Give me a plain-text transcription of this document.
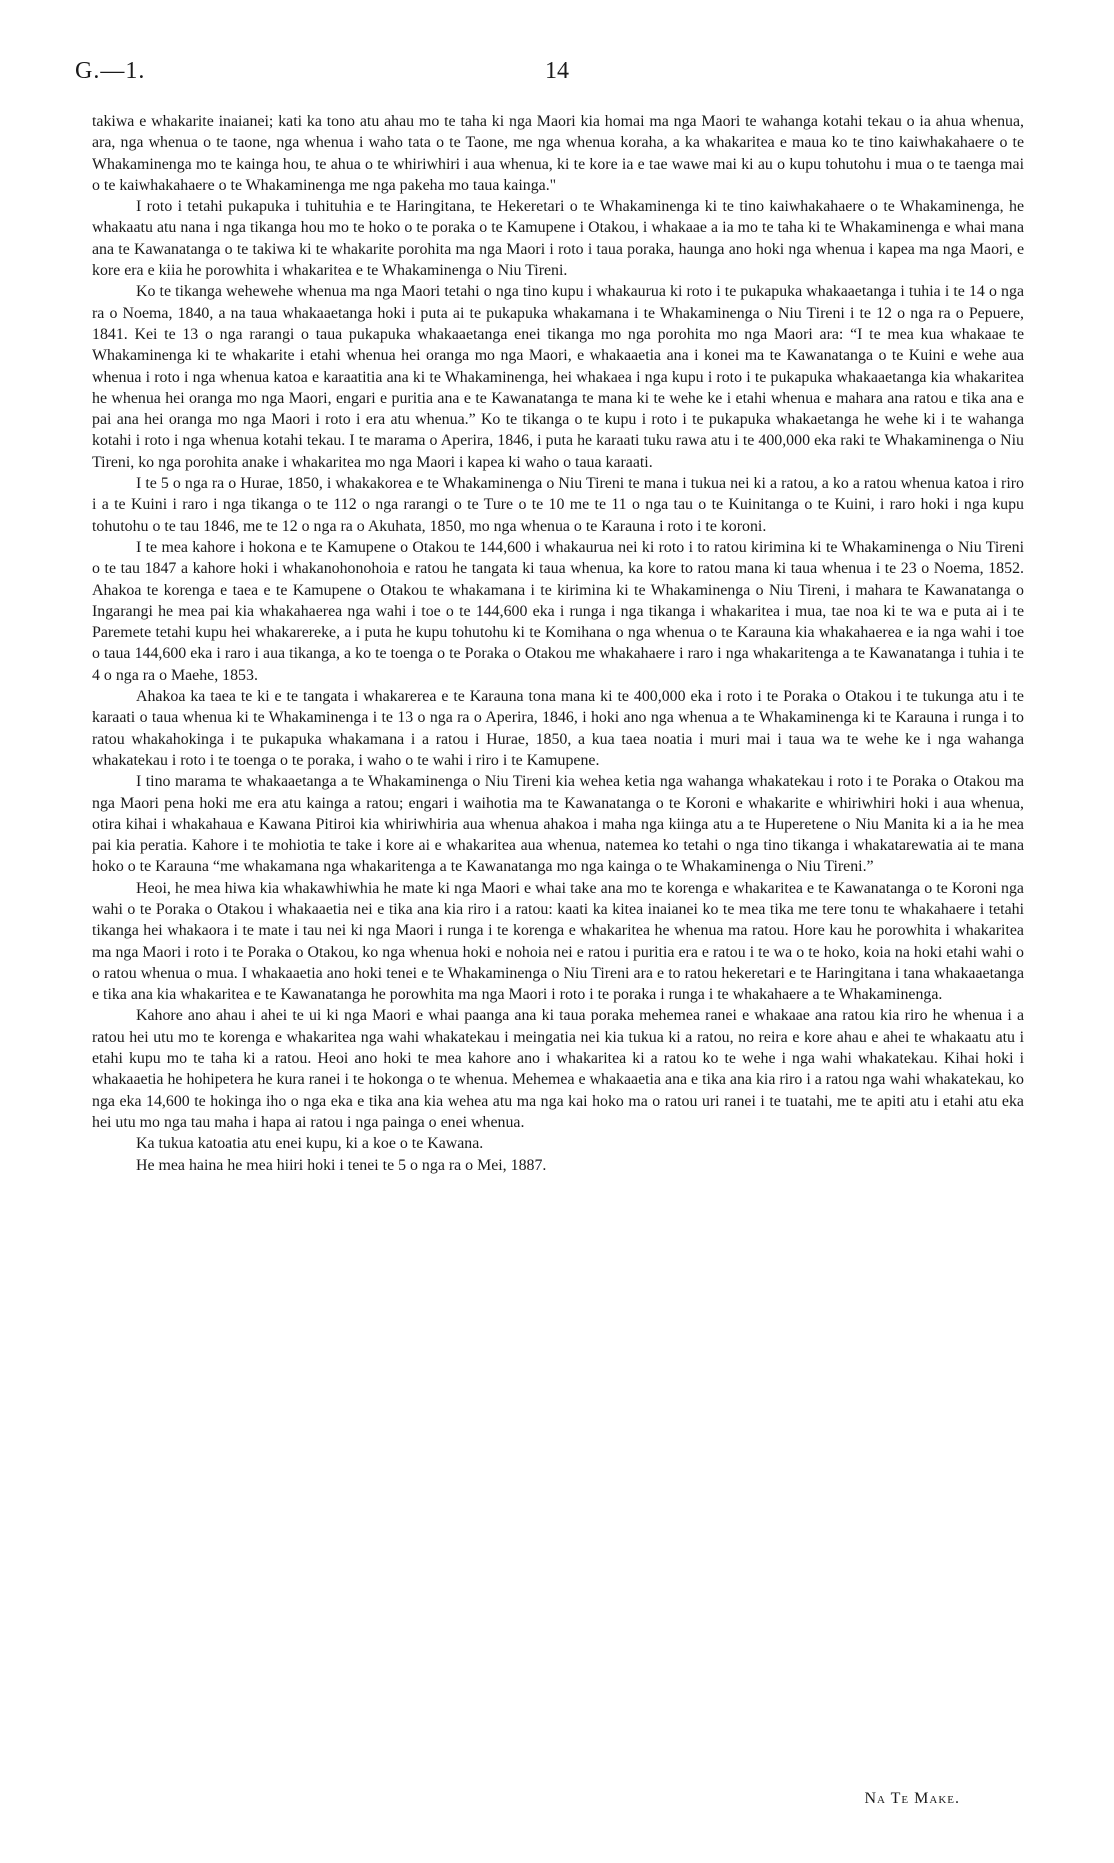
G.—1.	14

takiwa e whakarite inaianei; kati ka tono atu ahau mo te taha ki nga Maori kia homai ma nga Maori te wahanga kotahi tekau o ia ahua whenua, ara, nga whenua o te taone, nga whenua i waho tata o te Taone, me nga whenua koraha, a ka whakaritea e maua ko te tino kaiwhakahaere o te Whakaminenga mo te kainga hou, te ahua o te whiriwhiri i aua whenua, ki te kore ia e tae wawe mai ki au o kupu tohutohu i mua o te taenga mai o te kaiwhakahaere o te Whakaminenga me nga pakeha mo taua kainga."

I roto i tetahi pukapuka i tuhituhia e te Haringitana, te Hekeretari o te Whakaminenga ki te tino kaiwhakahaere o te Whakaminenga, he whakaatu atu nana i nga tikanga hou mo te hoko o te poraka o te Kamupene i Otakou, i whakaae a ia mo te taha ki te Whakaminenga e whai mana ana te Kawanatanga o te takiwa ki te whakarite porohita ma nga Maori i roto i taua poraka, haunga ano hoki nga whenua i kapea ma nga Maori, e kore era e kiia he porowhita i whakaritea e te Whakaminenga o Niu Tireni.

Ko te tikanga wehewehe whenua ma nga Maori tetahi o nga tino kupu i whakaurua ki roto i te pukapuka whakaaetanga i tuhia i te 14 o nga ra o Noema, 1840, a na taua whakaaetanga hoki i puta ai te pukapuka whakamana i te Whakaminenga o Niu Tireni i te 12 o nga ra o Pepuere, 1841. Kei te 13 o nga rarangi o taua pukapuka whakaaetanga enei tikanga mo nga porohita mo nga Maori ara: “I te mea kua whakaae te Whakaminenga ki te whakarite i etahi whenua hei oranga mo nga Maori, e whakaaetia ana i konei ma te Kawanatanga o te Kuini e wehe aua whenua i roto i nga whenua katoa e karaatitia ana ki te Whakaminenga, hei whakaea i nga kupu i roto i te pukapuka whakaaetanga kia whakaritea he whenua hei oranga mo nga Maori, engari e puritia ana e te Kawanatanga te mana ki te wehe ke i etahi whenua e mahara ana ratou e tika ana e pai ana hei oranga mo nga Maori i roto i era atu whenua.” Ko te tikanga o te kupu i roto i te pukapuka whakaetanga he wehe ki i te wahanga kotahi i roto i nga whenua kotahi tekau. I te marama o Aperira, 1846, i puta he karaati tuku rawa atu i te 400,000 eka raki te Whakaminenga o Niu Tireni, ko nga porohita anake i whakaritea mo nga Maori i kapea ki waho o taua karaati.

I te 5 o nga ra o Hurae, 1850, i whakakorea e te Whakaminenga o Niu Tireni te mana i tukua nei ki a ratou, a ko a ratou whenua katoa i riro i a te Kuini i raro i nga tikanga o te 112 o nga rarangi o te Ture o te 10 me te 11 o nga tau o te Kuinitanga o te Kuini, i raro hoki i nga kupu tohutohu o te tau 1846, me te 12 o nga ra o Akuhata, 1850, mo nga whenua o te Karauna i roto i te koroni.

I te mea kahore i hokona e te Kamupene o Otakou te 144,600 i whakaurua nei ki roto i to ratou kirimina ki te Whakaminenga o Niu Tireni o te tau 1847 a kahore hoki i whakanohonohoia e ratou he tangata ki taua whenua, ka kore to ratou mana ki taua whenua i te 23 o Noema, 1852. Ahakoa te korenga e taea e te Kamupene o Otakou te whakamana i te kirimina ki te Whakaminenga o Niu Tireni, i mahara te Kawanatanga o Ingarangi he mea pai kia whakahaerea nga wahi i toe o te 144,600 eka i runga i nga tikanga i whakaritea i mua, tae noa ki te wa e puta ai i te Paremete tetahi kupu hei whakarereke, a i puta he kupu tohutohu ki te Komihana o nga whenua o te Karauna kia whakahaerea e ia nga wahi i toe o taua 144,600 eka i raro i aua tikanga, a ko te toenga o te Poraka o Otakou me whakahaere i raro i nga whakaritenga a te Kawanatanga i tuhia i te 4 o nga ra o Maehe, 1853.

Ahakoa ka taea te ki e te tangata i whakarerea e te Karauna tona mana ki te 400,000 eka i roto i te Poraka o Otakou i te tukunga atu i te karaati o taua whenua ki te Whakaminenga i te 13 o nga ra o Aperira, 1846, i hoki ano nga whenua a te Whakaminenga ki te Karauna i runga i to ratou whakahokinga i te pukapuka whakamana i a ratou i Hurae, 1850, a kua taea noatia i muri mai i taua wa te wehe ke i nga wahanga whakatekau i roto i te toenga o te poraka, i waho o te wahi i riro i te Kamupene.

I tino marama te whakaaetanga a te Whakaminenga o Niu Tireni kia wehea ketia nga wahanga whakatekau i roto i te Poraka o Otakou ma nga Maori pena hoki me era atu kainga a ratou; engari i waihotia ma te Kawanatanga o te Koroni e whakarite e whiriwhiri hoki i aua whenua, otira kihai i whakahaua e Kawana Pitiroi kia whiriwhiria aua whenua ahakoa i maha nga kiinga atu a te Huperetene o Niu Manita ki a ia he mea pai kia peratia. Kahore i te mohiotia te take i kore ai e whakaritea aua whenua, natemea ko tetahi o nga tino tikanga i whakatarewatia ai te mana hoko o te Karauna “me whakamana nga whakaritenga a te Kawanatanga mo nga kainga o te Whakaminenga o Niu Tireni.”

Heoi, he mea hiwa kia whakawhiwhia he mate ki nga Maori e whai take ana mo te korenga e whakaritea e te Kawanatanga o te Koroni nga wahi o te Poraka o Otakou i whakaaetia nei e tika ana kia riro i a ratou: kaati ka kitea inaianei ko te mea tika me tere tonu te whakahaere i tetahi tikanga hei whakaora i te mate i tau nei ki nga Maori i runga i te korenga e whakaritea he whenua ma ratou. Hore kau he porowhita i whakaritea ma nga Maori i roto i te Poraka o Otakou, ko nga whenua hoki e nohoia nei e ratou i puritia era e ratou i te wa o te hoko, koia na hoki etahi wahi o o ratou whenua o mua. I whakaaetia ano hoki tenei e te Whakaminenga o Niu Tireni ara e to ratou hekeretari e te Haringitana i tana whakaaetanga e tika ana kia whakaritea e te Kawanatanga he porowhita ma nga Maori i roto i te poraka i runga i te whakahaere a te Whakaminenga.

Kahore ano ahau i ahei te ui ki nga Maori e whai paanga ana ki taua poraka mehemea ranei e whakaae ana ratou kia riro he whenua i a ratou hei utu mo te korenga e whakaritea nga wahi whakatekau i meingatia nei kia tukua ki a ratou, no reira e kore ahau e ahei te whakaatu atu i etahi kupu mo te taha ki a ratou. Heoi ano hoki te mea kahore ano i whakaritea ki a ratou ko te wehe i nga wahi whakatekau. Kihai hoki i whakaaetia he hohipetera he kura ranei i te hokonga o te whenua. Mehemea e whakaaetia ana e tika ana kia riro i a ratou nga wahi whakatekau, ko nga eka 14,600 te hokinga iho o nga eka e tika ana kia wehea atu ma nga kai hoko ma o ratou uri ranei i te tuatahi, me te apiti atu i etahi atu eka hei utu mo nga tau maha i hapa ai ratou i nga painga o enei whenua.

Ka tukua katoatia atu enei kupu, ki a koe o te Kawana.

He mea haina he mea hiiri hoki i tenei te 5 o nga ra o Mei, 1887.

Na Te Make.
